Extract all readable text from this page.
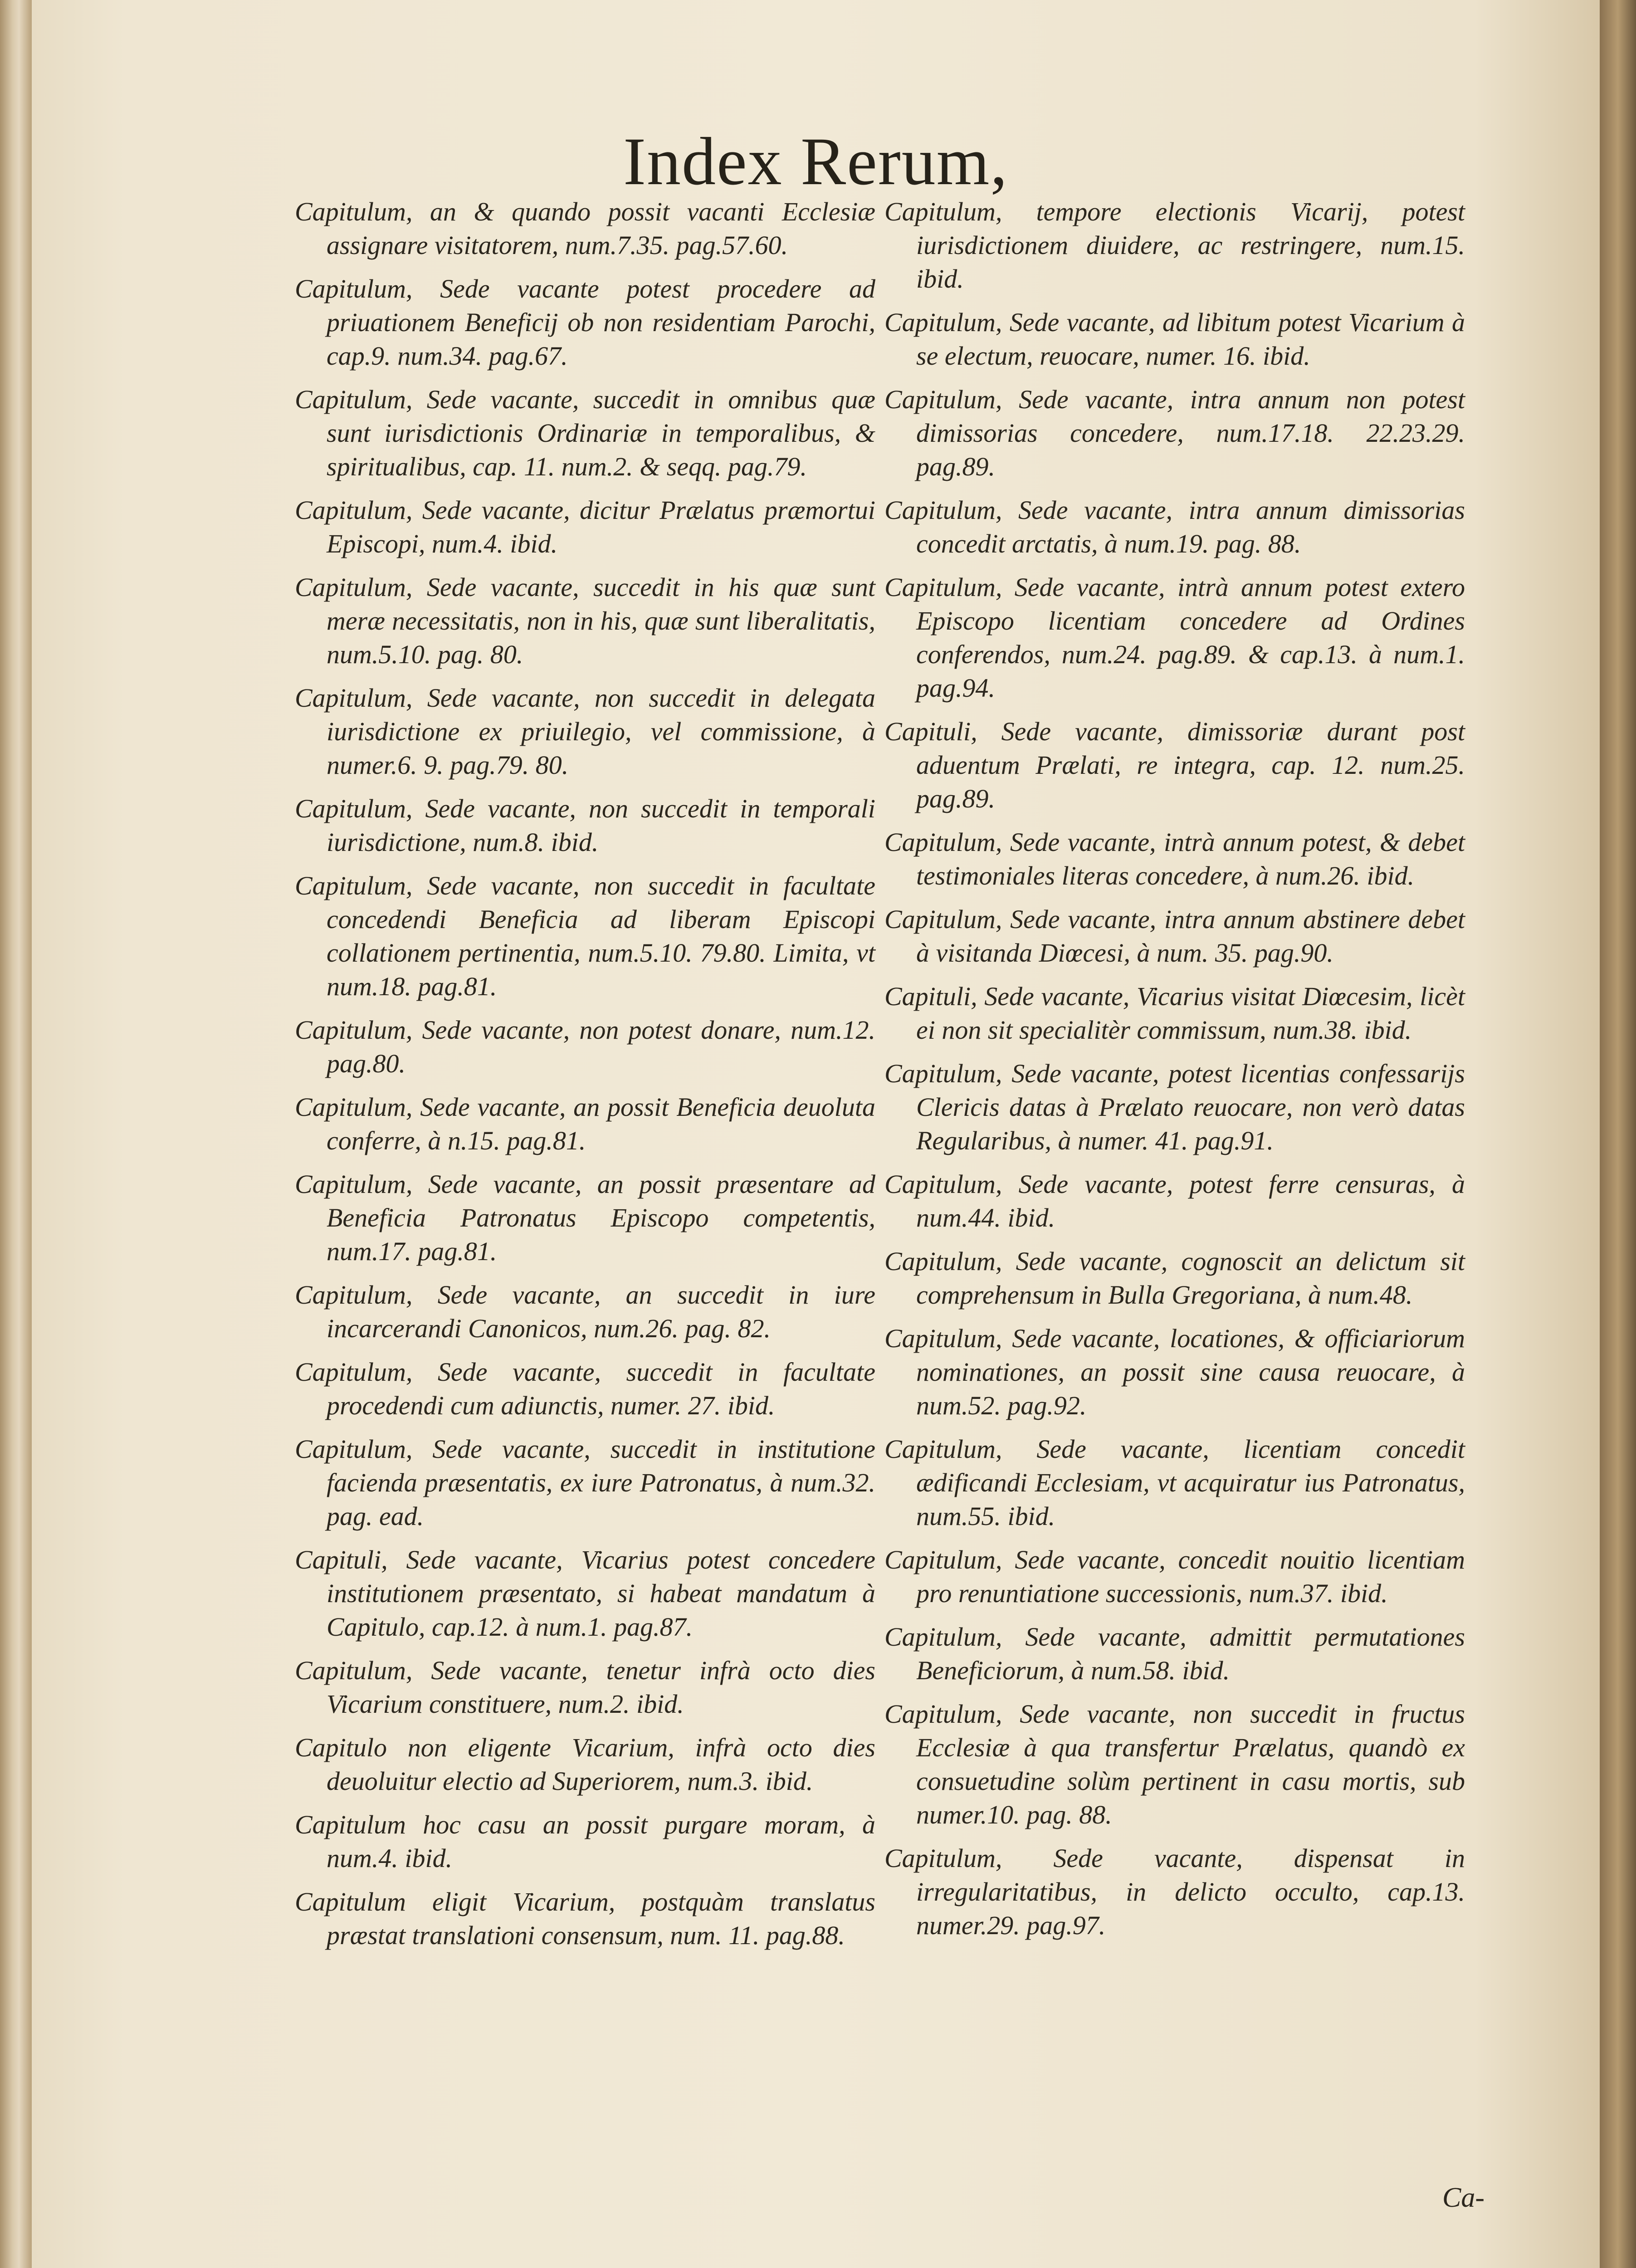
Index Rerum,

Capitulum, an & quando possit vacanti Ecclesiæ assignare visitatorem, num.7.35. pag.57.60.

Capitulum, Sede vacante potest procedere ad priuationem Beneficij ob non residentiam Parochi, cap.9. num.34. pag.67.

Capitulum, Sede vacante, succedit in omnibus quæ sunt iurisdictionis Ordinariæ in temporalibus, & spiritualibus, cap. 11. num.2. & seqq. pag.79.

Capitulum, Sede vacante, dicitur Prælatus præmortui Episcopi, num.4. ibid.

Capitulum, Sede vacante, succedit in his quæ sunt meræ necessitatis, non in his, quæ sunt liberalitatis, num.5.10. pag. 80.

Capitulum, Sede vacante, non succedit in delegata iurisdictione ex priuilegio, vel commissione, à numer.6. 9. pag.79. 80.

Capitulum, Sede vacante, non succedit in temporali iurisdictione, num.8. ibid.

Capitulum, Sede vacante, non succedit in facultate concedendi Beneficia ad liberam Episcopi collationem pertinentia, num.5.10. 79.80. Limita, vt num.18. pag.81.

Capitulum, Sede vacante, non potest donare, num.12. pag.80.

Capitulum, Sede vacante, an possit Beneficia deuoluta conferre, à n.15. pag.81.

Capitulum, Sede vacante, an possit præsentare ad Beneficia Patronatus Episcopo competentis, num.17. pag.81.

Capitulum, Sede vacante, an succedit in iure incarcerandi Canonicos, num.26. pag. 82.

Capitulum, Sede vacante, succedit in facultate procedendi cum adiunctis, numer. 27. ibid.

Capitulum, Sede vacante, succedit in institutione facienda præsentatis, ex iure Patronatus, à num.32. pag. ead.

Capituli, Sede vacante, Vicarius potest concedere institutionem præsentato, si habeat mandatum à Capitulo, cap.12. à num.1. pag.87.

Capitulum, Sede vacante, tenetur infrà octo dies Vicarium constituere, num.2. ibid.

Capitulo non eligente Vicarium, infrà octo dies deuoluitur electio ad Superiorem, num.3. ibid.

Capitulum hoc casu an possit purgare moram, à num.4. ibid.

Capitulum eligit Vicarium, postquàm translatus præstat translationi consensum, num. 11. pag.88.

Capitulum, tempore electionis Vicarij, potest iurisdictionem diuidere, ac restringere, num.15. ibid.

Capitulum, Sede vacante, ad libitum potest Vicarium à se electum, reuocare, numer. 16. ibid.

Capitulum, Sede vacante, intra annum non potest dimissorias concedere, num.17.18. 22.23.29. pag.89.

Capitulum, Sede vacante, intra annum dimissorias concedit arctatis, à num.19. pag. 88.

Capitulum, Sede vacante, intrà annum potest extero Episcopo licentiam concedere ad Ordines conferendos, num.24. pag.89. & cap.13. à num.1. pag.94.

Capituli, Sede vacante, dimissoriæ durant post aduentum Prælati, re integra, cap. 12. num.25. pag.89.

Capitulum, Sede vacante, intrà annum potest, & debet testimoniales literas concedere, à num.26. ibid.

Capitulum, Sede vacante, intra annum abstinere debet à visitanda Diœcesi, à num. 35. pag.90.

Capituli, Sede vacante, Vicarius visitat Diœcesim, licèt ei non sit specialitèr commissum, num.38. ibid.

Capitulum, Sede vacante, potest licentias confessarijs Clericis datas à Prælato reuocare, non verò datas Regularibus, à numer. 41. pag.91.

Capitulum, Sede vacante, potest ferre censuras, à num.44. ibid.

Capitulum, Sede vacante, cognoscit an delictum sit comprehensum in Bulla Gregoriana, à num.48.

Capitulum, Sede vacante, locationes, & officiariorum nominationes, an possit sine causa reuocare, à num.52. pag.92.

Capitulum, Sede vacante, licentiam concedit ædificandi Ecclesiam, vt acquiratur ius Patronatus, num.55. ibid.

Capitulum, Sede vacante, concedit nouitio licentiam pro renuntiatione successionis, num.37. ibid.

Capitulum, Sede vacante, admittit permutationes Beneficiorum, à num.58. ibid.

Capitulum, Sede vacante, non succedit in fructus Ecclesiæ à qua transfertur Prælatus, quandò ex consuetudine solùm pertinent in casu mortis, sub numer.10. pag. 88.

Capitulum, Sede vacante, dispensat in irregularitatibus, in delicto occulto, cap.13. numer.29. pag.97.

Ca-
